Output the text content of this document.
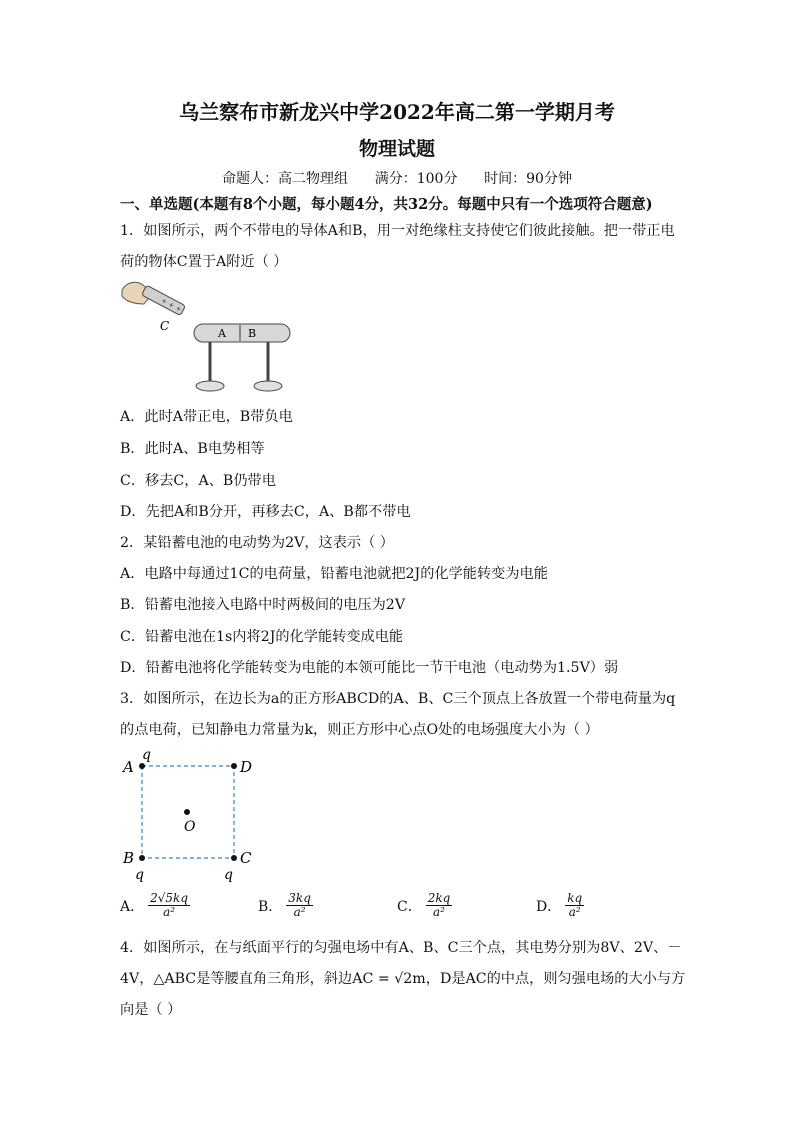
乌兰察布市新龙兴中学2022年高二第一学期月考
物理试题
命题人：高二物理组      满分：100分      时间：90分钟
一、单选题(本题有8个小题，每小题4分，共32分。每题中只有一个选项符合题意)
1．如图所示，两个不带电的导体A和B，用一对绝缘柱支持使它们彼此接触。把一带正电
荷的物体C置于A附近（ ）
+ + +
C
A B
A．此时A带正电，B带负电
B．此时A、B电势相等
C．移去C，A、B仍带电
D．先把A和B分开，再移去C，A、B都不带电
2．某铅蓄电池的电动势为2V，这表示（ ）
A．电路中每通过1C的电荷量，铅蓄电池就把2J的化学能转变为电能
B．铅蓄电池接入电路中时两极间的电压为2V
C．铅蓄电池在1s内将2J的化学能转变成电能
D．铅蓄电池将化学能转变为电能的本领可能比一节干电池（电动势为1.5V）弱
3．如图所示，在边长为a的正方形ABCD的A、B、C三个顶点上各放置一个带电荷量为q
的点电荷，已知静电力常量为k，则正方形中心点O处的电场强度大小为（ ）
A
q
D
B	C
O
q	q
A． $\frac{2√5kq}{\text{a²}}$	B． $\frac{3kq}{\text{a²}}$	C． $\frac{2kq}{\text{a²}}$	D． $\frac{kq}{\text{a²}}$
4．如图所示，在与纸面平行的匀强电场中有A、B、C三个点，其电势分别为8V、2V、－
4V，△ABC是等腰直角三角形，斜边AC = √2m，D是AC的中点，则匀强电场的大小与方
向是（ ）
